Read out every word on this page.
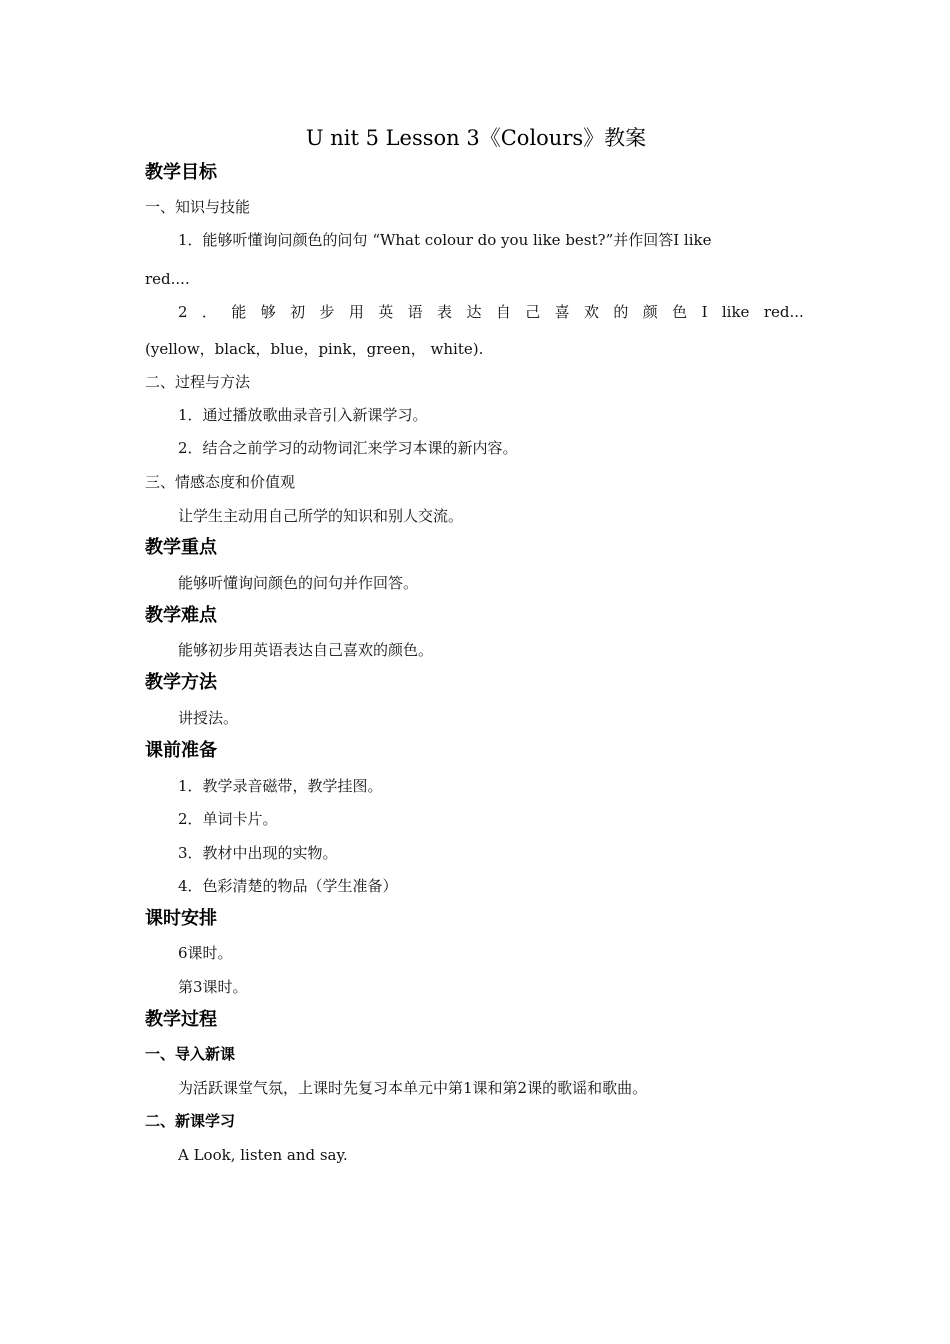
U nit 5 Lesson 3《Colours》教案
教学目标
一、知识与技能
1．能够听懂询问颜色的问句 “What colour do you like best?”并作回答I like
red....
2 ． 能 够 初 步 用 英 语 表 达 自 己 喜 欢 的 颜 色 I like red...
(yellow，black，blue，pink，green， white).
二、过程与方法
1．通过播放歌曲录音引入新课学习。
2．结合之前学习的动物词汇来学习本课的新内容。
三、情感态度和价值观
让学生主动用自己所学的知识和别人交流。
教学重点
能够听懂询问颜色的问句并作回答。
教学难点
能够初步用英语表达自己喜欢的颜色。
教学方法
讲授法。
课前准备
1．教学录音磁带，教学挂图。
2．单词卡片。
3．教材中出现的实物。
4．色彩清楚的物品（学生准备）
课时安排
6课时。
第3课时。
教学过程
一、导入新课
为活跃课堂气氛，上课时先复习本单元中第1课和第2课的歌谣和歌曲。
二、新课学习
A Look, listen and say.
